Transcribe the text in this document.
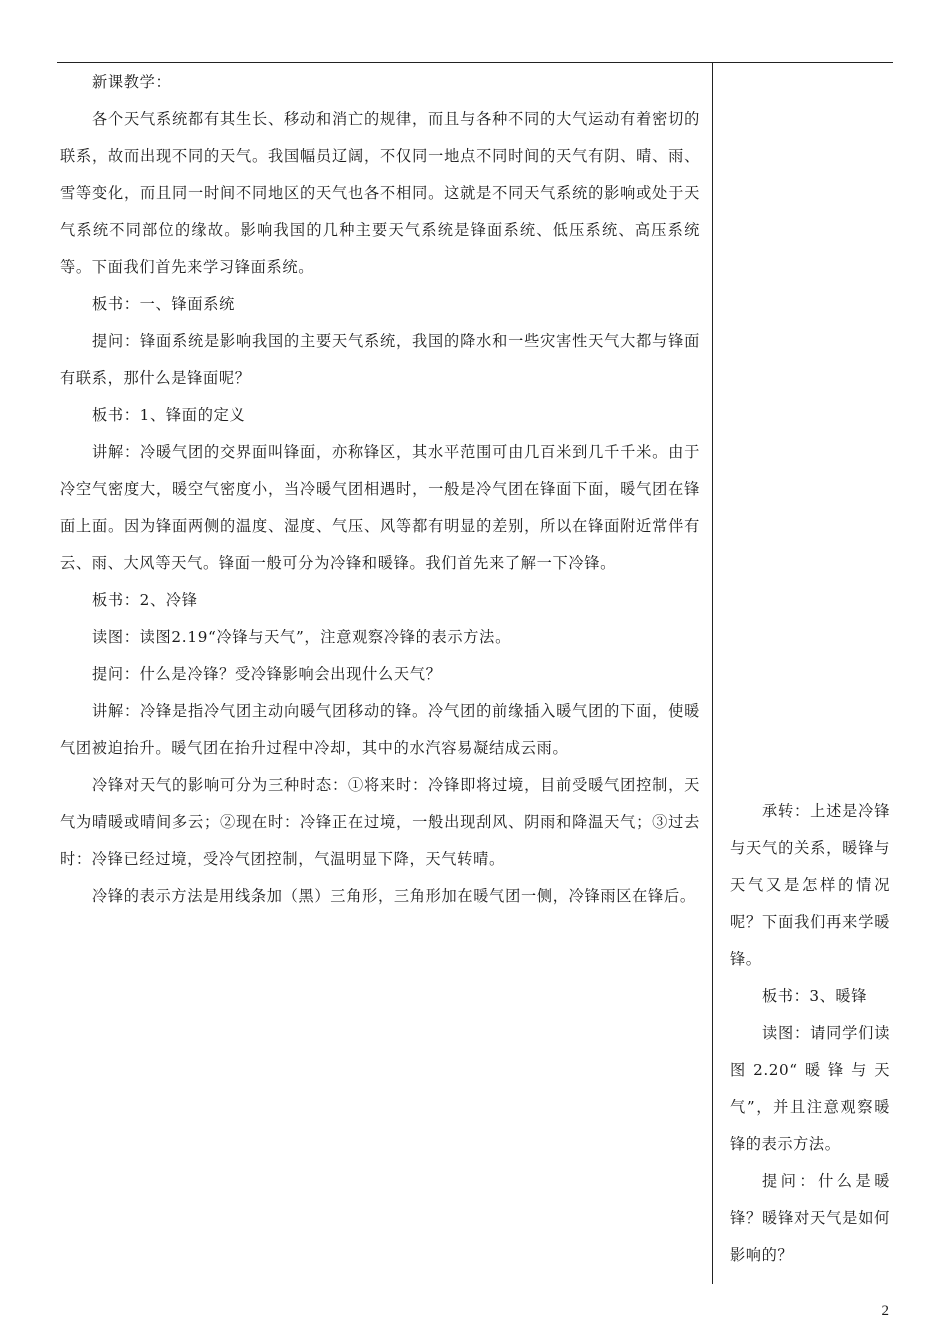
新课教学：

各个天气系统都有其生长、移动和消亡的规律，而且与各种不同的大气运动有着密切的联系，故而出现不同的天气。我国幅员辽阔，不仅同一地点不同时间的天气有阴、晴、雨、雪等变化，而且同一时间不同地区的天气也各不相同。这就是不同天气系统的影响或处于天气系统不同部位的缘故。影响我国的几种主要天气系统是锋面系统、低压系统、高压系统等。下面我们首先来学习锋面系统。

板书：一、锋面系统

提问：锋面系统是影响我国的主要天气系统，我国的降水和一些灾害性天气大都与锋面有联系，那什么是锋面呢？

板书：1、锋面的定义

讲解：冷暖气团的交界面叫锋面，亦称锋区，其水平范围可由几百米到几千千米。由于冷空气密度大，暖空气密度小，当冷暖气团相遇时，一般是冷气团在锋面下面，暖气团在锋面上面。因为锋面两侧的温度、湿度、气压、风等都有明显的差别，所以在锋面附近常伴有云、雨、大风等天气。锋面一般可分为冷锋和暖锋。我们首先来了解一下冷锋。

板书：2、冷锋

读图：读图2.19“冷锋与天气”，注意观察冷锋的表示方法。

提问：什么是冷锋？受冷锋影响会出现什么天气？

讲解：冷锋是指冷气团主动向暖气团移动的锋。冷气团的前缘插入暖气团的下面，使暖气团被迫抬升。暖气团在抬升过程中冷却，其中的水汽容易凝结成云雨。

冷锋对天气的影响可分为三种时态：①将来时：冷锋即将过境，目前受暖气团控制，天气为晴暖或晴间多云；②现在时：冷锋正在过境，一般出现刮风、阴雨和降温天气；③过去时：冷锋已经过境，受冷气团控制，气温明显下降，天气转晴。

冷锋的表示方法是用线条加（黑）三角形，三角形加在暖气团一侧，冷锋雨区在锋后。

承转：上述是冷锋与天气的关系，暖锋与天气又是怎样的情况呢？下面我们再来学暖锋。

板书：3、暖锋

读图：请同学们读图2.20“暖锋与天气”，并且注意观察暖锋的表示方法。

提问：什么是暖锋？暖锋对天气是如何影响的？

2
